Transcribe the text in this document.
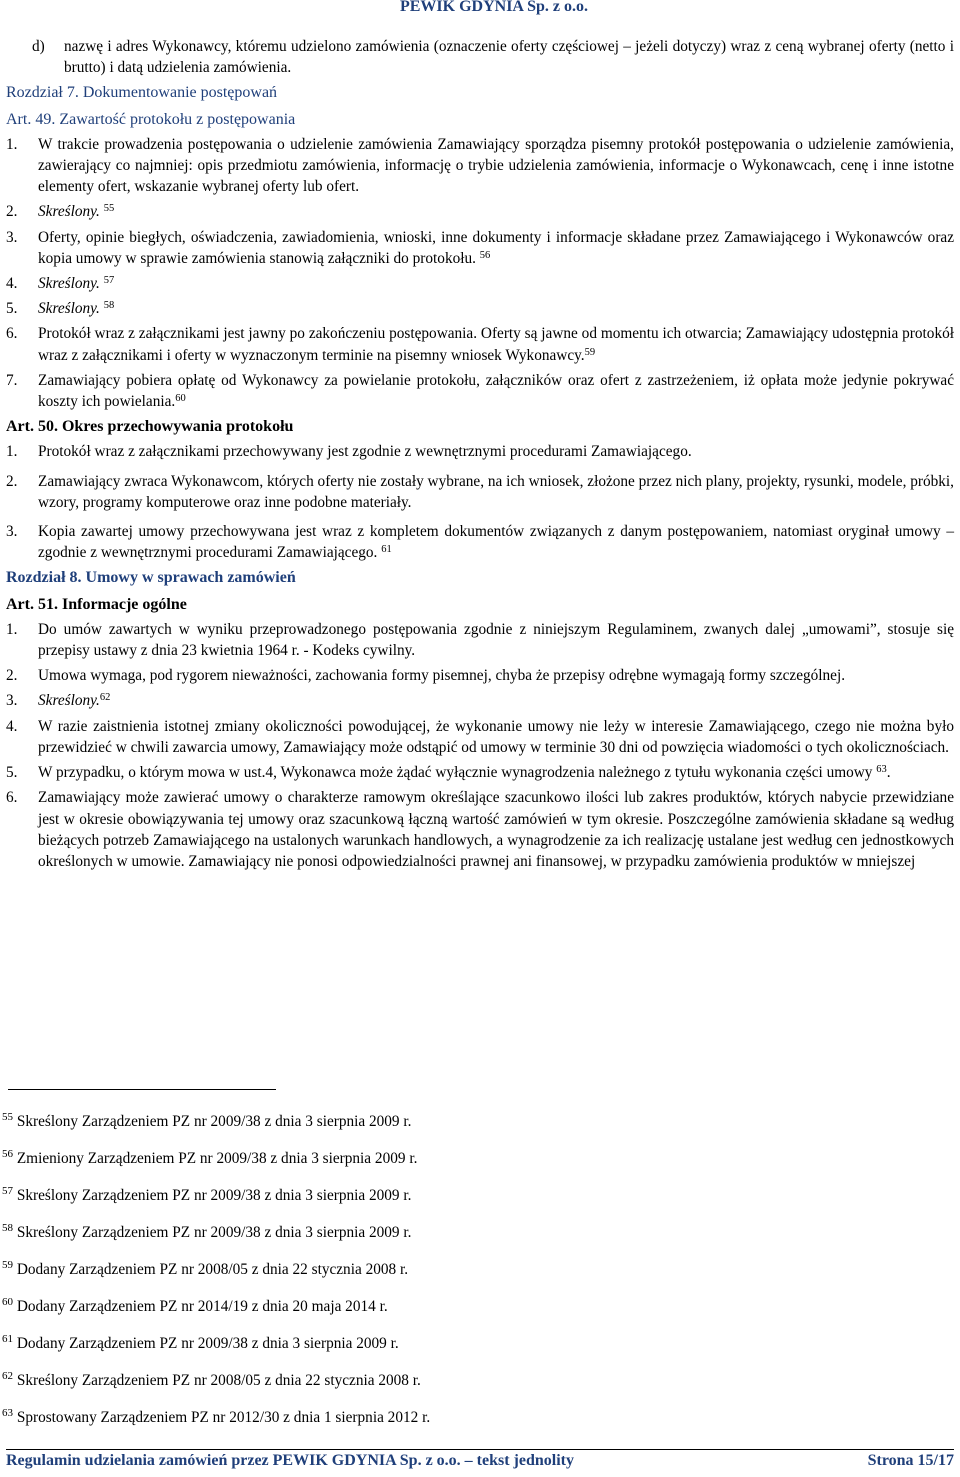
PEWIK GDYNIA Sp. z o.o.
d)	nazwę i adres Wykonawcy, któremu udzielono zamówienia (oznaczenie oferty częściowej – jeżeli dotyczy) wraz z ceną wybranej oferty (netto i brutto) i datą udzielenia zamówienia.
Rozdział 7. Dokumentowanie postępowań
Art. 49. Zawartość protokołu z postępowania
1.	W trakcie prowadzenia postępowania o udzielenie zamówienia Zamawiający sporządza pisemny protokół postępowania o udzielenie zamówienia, zawierający co najmniej: opis przedmiotu zamówienia, informację o trybie udzielenia zamówienia, informacje o Wykonawcach, cenę i inne istotne elementy ofert, wskazanie wybranej oferty lub ofert.
2.	Skreślony. $^{55}$
3.	Oferty, opinie biegłych, oświadczenia, zawiadomienia, wnioski, inne dokumenty i informacje składane przez Zamawiającego i Wykonawców oraz kopia umowy w sprawie zamówienia stanowią załączniki do protokołu. $^{56}$
4.	Skreślony. $^{57}$
5.	Skreślony. $^{58}$
6.	Protokół wraz z załącznikami jest jawny po zakończeniu postępowania. Oferty są jawne od momentu ich otwarcia; Zamawiający udostępnia protokół wraz z załącznikami i oferty w wyznaczonym terminie na pisemny wniosek Wykonawcy.$^{59}$
7.	Zamawiający pobiera opłatę od Wykonawcy za powielanie protokołu, załączników oraz ofert z zastrzeżeniem, iż opłata może jedynie pokrywać koszty ich powielania.$^{60}$
Art. 50. Okres przechowywania protokołu
1.	Protokół wraz z załącznikami przechowywany jest zgodnie z wewnętrznymi procedurami Zamawiającego.
2.	Zamawiający zwraca Wykonawcom, których oferty nie zostały wybrane, na ich wniosek, złożone przez nich plany, projekty, rysunki, modele, próbki, wzory, programy komputerowe oraz inne podobne materiały.
3.	Kopia zawartej umowy przechowywana jest wraz z kompletem dokumentów związanych z danym postępowaniem, natomiast oryginał umowy – zgodnie z wewnętrznymi procedurami Zamawiającego. $^{61}$
Rozdział 8. Umowy w sprawach zamówień
Art. 51. Informacje ogólne
1.	Do umów zawartych w wyniku przeprowadzonego postępowania zgodnie z niniejszym Regulaminem, zwanych dalej „umowami”, stosuje się przepisy ustawy z dnia 23 kwietnia 1964 r. - Kodeks cywilny.
2.	Umowa wymaga, pod rygorem nieważności, zachowania formy pisemnej, chyba że przepisy odrębne wymagają formy szczególnej.
3.	Skreślony.$^{62}$
4.	W razie zaistnienia istotnej zmiany okoliczności powodującej, że wykonanie umowy nie leży w interesie Zamawiającego, czego nie można było przewidzieć w chwili zawarcia umowy, Zamawiający może odstąpić od umowy w terminie 30 dni od powzięcia wiadomości o tych okolicznościach.
5.	W przypadku, o którym mowa w ust.4, Wykonawca może żądać wyłącznie wynagrodzenia należnego z tytułu wykonania części umowy $^{63}$.
6.	Zamawiający może zawierać umowy o charakterze ramowym określające szacunkowo ilości lub zakres produktów, których nabycie przewidziane jest w okresie obowiązywania tej umowy oraz szacunkową łączną wartość zamówień w tym okresie. Poszczególne zamówienia składane są według bieżących potrzeb Zamawiającego na ustalonych warunkach handlowych, a wynagrodzenie za ich realizację ustalane jest według cen jednostkowych określonych w umowie. Zamawiający nie ponosi odpowiedzialności prawnej ani finansowej, w przypadku zamówienia produktów w mniejszej
$^{55}$ Skreślony Zarządzeniem PZ nr 2009/38 z dnia 3 sierpnia 2009 r.
$^{56}$ Zmieniony Zarządzeniem PZ nr 2009/38 z dnia 3 sierpnia 2009 r.
$^{57}$ Skreślony Zarządzeniem PZ nr 2009/38 z dnia 3 sierpnia 2009 r.
$^{58}$ Skreślony Zarządzeniem PZ nr 2009/38 z dnia 3 sierpnia 2009 r.
$^{59}$ Dodany Zarządzeniem PZ nr 2008/05 z dnia 22 stycznia 2008 r.
$^{60}$ Dodany Zarządzeniem PZ nr 2014/19 z dnia 20 maja 2014 r.
$^{61}$ Dodany Zarządzeniem PZ nr 2009/38 z dnia 3 sierpnia 2009 r.
$^{62}$ Skreślony Zarządzeniem PZ nr 2008/05 z dnia 22 stycznia 2008 r.
$^{63}$ Sprostowany Zarządzeniem PZ nr 2012/30 z dnia 1 sierpnia 2012 r.
Regulamin udzielania zamówień przez PEWIK GDYNIA Sp. z o.o. – tekst jednolity	Strona 15/17
